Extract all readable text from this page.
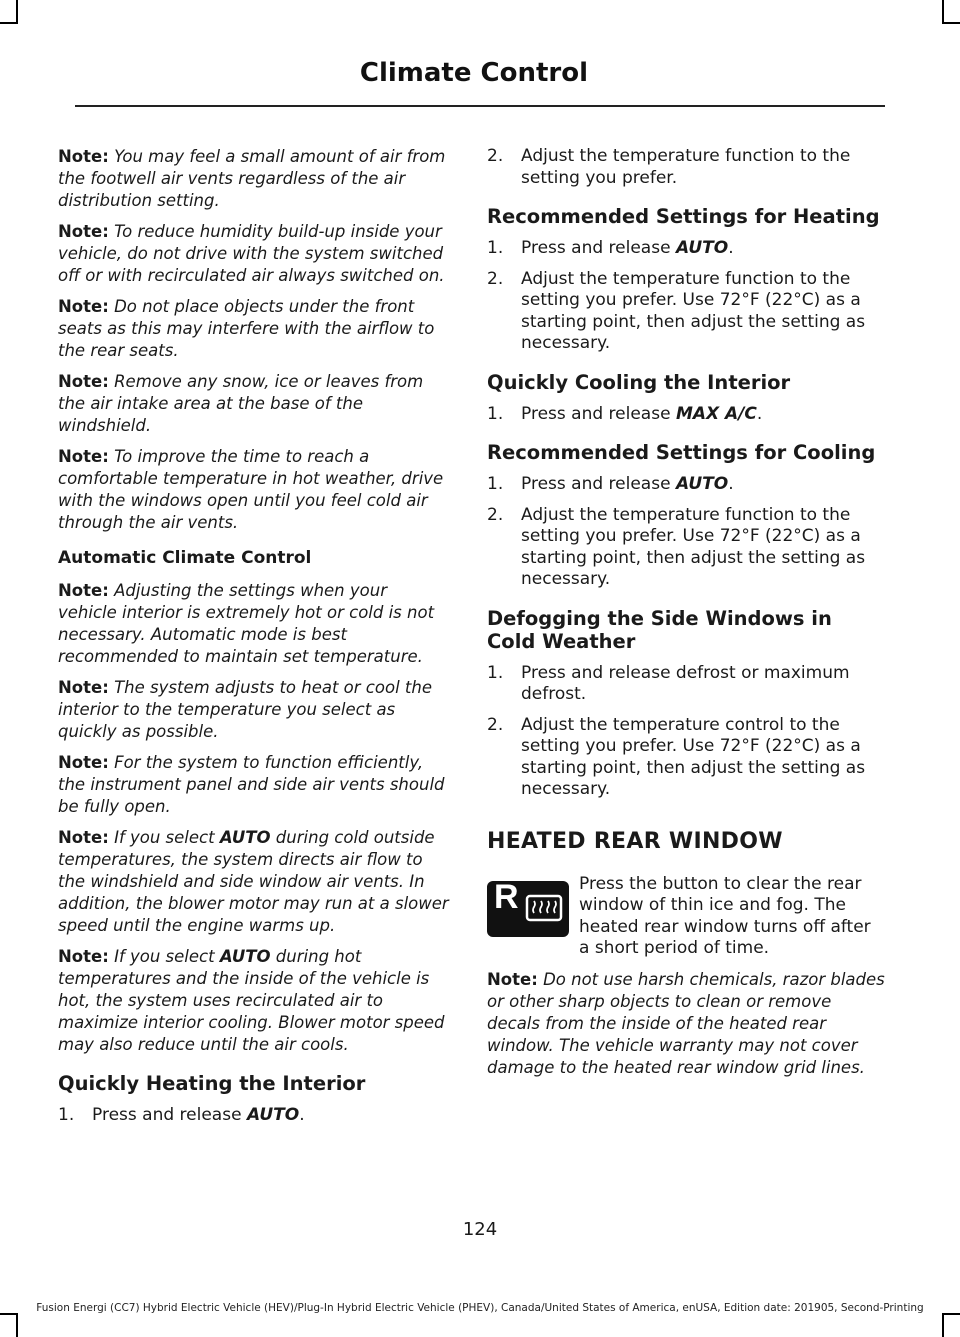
Climate Control

Note: You may feel a small amount of air from the footwell air vents regardless of the air distribution setting.

Note: To reduce humidity build-up inside your vehicle, do not drive with the system switched off or with recirculated air always switched on.

Note: Do not place objects under the front seats as this may interfere with the airflow to the rear seats.

Note: Remove any snow, ice or leaves from the air intake area at the base of the windshield.

Note: To improve the time to reach a comfortable temperature in hot weather, drive with the windows open until you feel cold air through the air vents.

Automatic Climate Control

Note: Adjusting the settings when your vehicle interior is extremely hot or cold is not necessary. Automatic mode is best recommended to maintain set temperature.

Note: The system adjusts to heat or cool the interior to the temperature you select as quickly as possible.

Note: For the system to function efficiently, the instrument panel and side air vents should be fully open.

Note: If you select AUTO during cold outside temperatures, the system directs air flow to the windshield and side window air vents. In addition, the blower motor may run at a slower speed until the engine warms up.

Note: If you select AUTO during hot temperatures and the inside of the vehicle is hot, the system uses recirculated air to maximize interior cooling. Blower motor speed may also reduce until the air cools.

Quickly Heating the Interior
1. Press and release AUTO.
2. Adjust the temperature function to the setting you prefer.
Recommended Settings for Heating
1. Press and release AUTO.
2. Adjust the temperature function to the setting you prefer. Use 72°F (22°C) as a starting point, then adjust the setting as necessary.
Quickly Cooling the Interior
1. Press and release MAX A/C.
Recommended Settings for Cooling
1. Press and release AUTO.
2. Adjust the temperature function to the setting you prefer. Use 72°F (22°C) as a starting point, then adjust the setting as necessary.
Defogging the Side Windows in Cold Weather
1. Press and release defrost or maximum defrost.
2. Adjust the temperature control to the setting you prefer. Use 72°F (22°C) as a starting point, then adjust the setting as necessary.
HEATED REAR WINDOW
R	Press the button to clear the rear window of thin ice and fog. The heated rear window turns off after a short period of time.

Note: Do not use harsh chemicals, razor blades or other sharp objects to clean or remove decals from the inside of the heated rear window. The vehicle warranty may not cover damage to the heated rear window grid lines.

124
Fusion Energi (CC7) Hybrid Electric Vehicle (HEV)/Plug-In Hybrid Electric Vehicle (PHEV), Canada/United States of America, enUSA, Edition date: 201905, Second-Printing
